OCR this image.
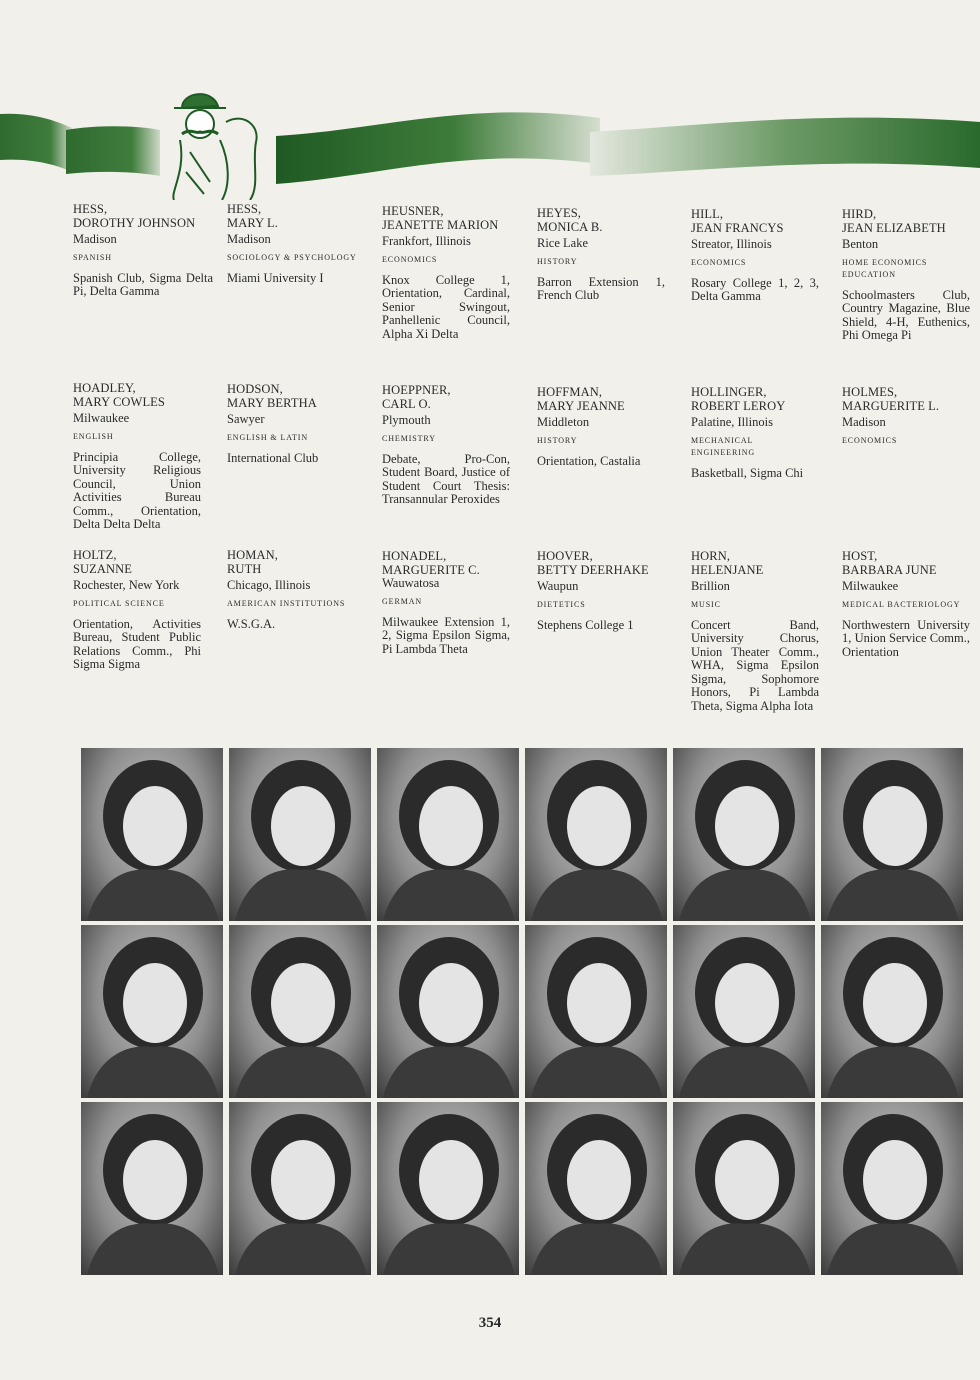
HESS,
DOROTHY JOHNSON
Madison
SPANISH
Spanish Club, Sigma Delta Pi, Delta Gamma
HESS,
MARY L.
Madison
SOCIOLOGY & PSYCHOLOGY
Miami University I
HEUSNER,
JEANETTE MARION
Frankfort, Illinois
ECONOMICS
Knox College 1, Orientation, Cardinal, Senior Swingout, Panhellenic Council, Alpha Xi Delta
HEYES,
MONICA B.
Rice Lake
HISTORY
Barron Extension 1, French Club
HILL,
JEAN FRANCYS
Streator, Illinois
ECONOMICS
Rosary College 1, 2, 3, Delta Gamma
HIRD,
JEAN ELIZABETH
Benton
HOME ECONOMICS EDUCATION
Schoolmasters Club, Country Magazine, Blue Shield, 4-H, Euthenics, Phi Omega Pi
HOADLEY,
MARY COWLES
Milwaukee
ENGLISH
Principia College, University Religious Council, Union Activities Bureau Comm., Orientation, Delta Delta Delta
HODSON,
MARY BERTHA
Sawyer
ENGLISH & LATIN
International Club
HOEPPNER,
CARL O.
Plymouth
CHEMISTRY
Debate, Pro-Con, Student Board, Justice of Student Court Thesis: Transannular Peroxides
HOFFMAN,
MARY JEANNE
Middleton
HISTORY
Orientation, Castalia
HOLLINGER,
ROBERT LEROY
Palatine, Illinois
MECHANICAL ENGINEERING
Basketball, Sigma Chi
HOLMES,
MARGUERITE L.
Madison
ECONOMICS
HOLTZ,
SUZANNE
Rochester, New York
POLITICAL SCIENCE
Orientation, Activities Bureau, Student Public Relations Comm., Phi Sigma Sigma
HOMAN,
RUTH
Chicago, Illinois
AMERICAN INSTITUTIONS
W.S.G.A.
HONADEL,
MARGUERITE C.
Wauwatosa
GERMAN
Milwaukee Extension 1, 2, Sigma Epsilon Sigma, Pi Lambda Theta
HOOVER,
BETTY DEERHAKE
Waupun
DIETETICS
Stephens College 1
HORN,
HELENJANE
Brillion
MUSIC
Concert Band, University Chorus, Union Theater Comm., WHA, Sigma Epsilon Sigma, Sophomore Honors, Pi Lambda Theta, Sigma Alpha Iota
HOST,
BARBARA JUNE
Milwaukee
MEDICAL BACTERIOLOGY
Northwestern University 1, Union Service Comm., Orientation
354
